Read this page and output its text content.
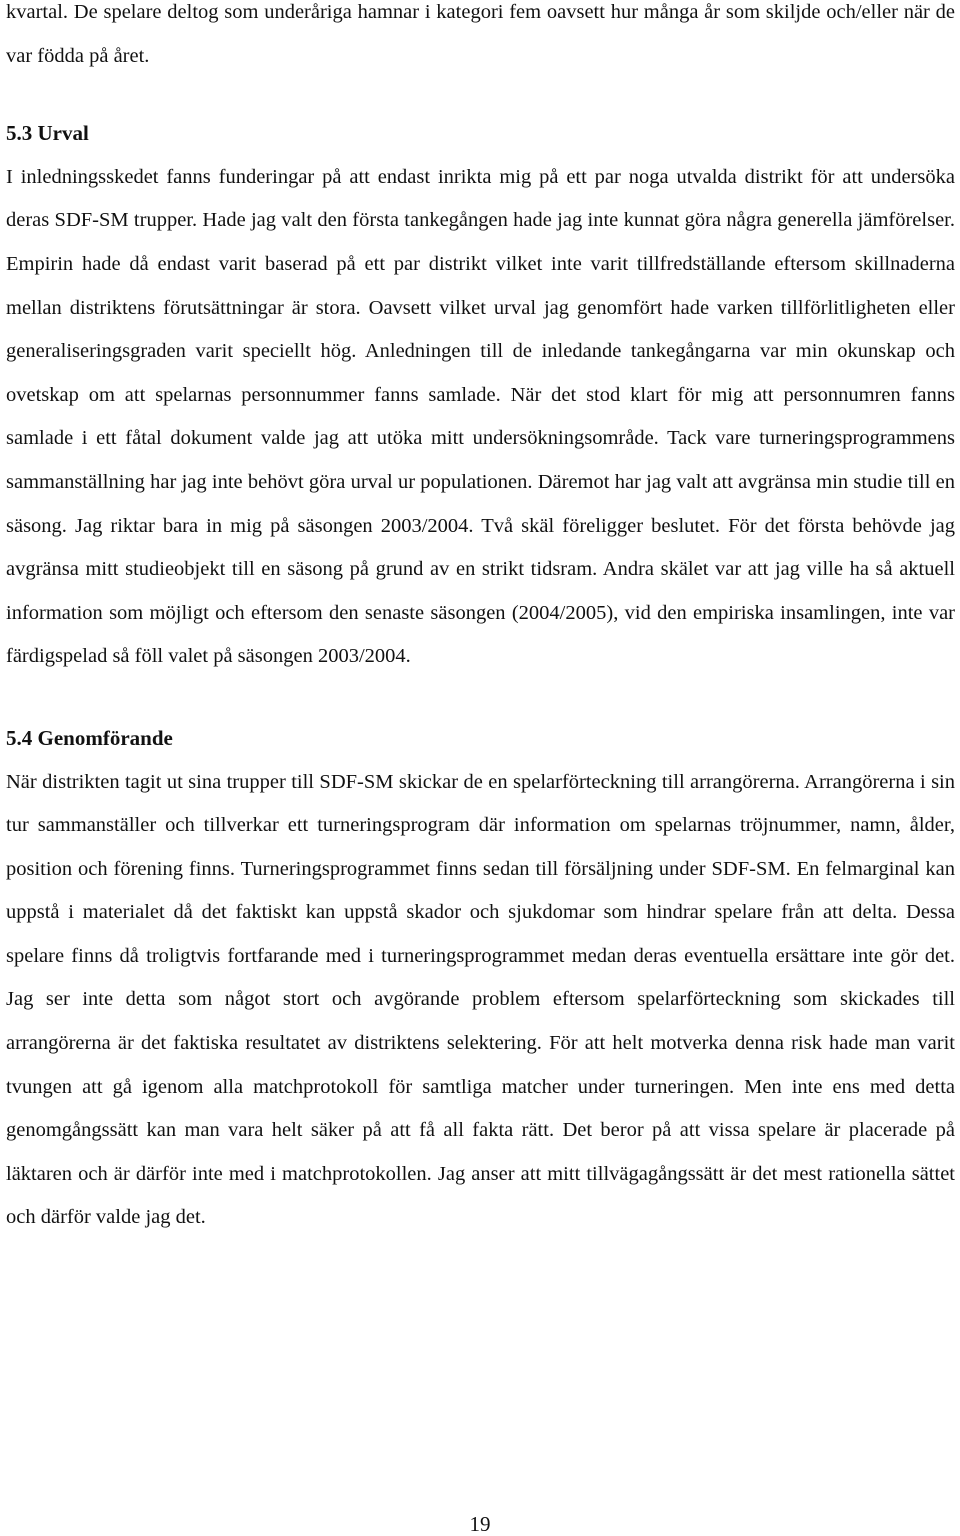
kvartal. De spelare deltog som underåriga hamnar i kategori fem oavsett hur många år som skiljde och/eller när de var födda på året.

5.3 Urval

I inledningsskedet fanns funderingar på att endast inrikta mig på ett par noga utvalda distrikt för att undersöka deras SDF-SM trupper. Hade jag valt den första tankegången hade jag inte kunnat göra några generella jämförelser. Empirin hade då endast varit baserad på ett par distrikt vilket inte varit tillfredställande eftersom skillnaderna mellan distriktens förutsättningar är stora. Oavsett vilket urval jag genomfört hade varken tillförlitligheten eller generaliseringsgraden varit speciellt hög. Anledningen till de inledande tankegångarna var min okunskap och ovetskap om att spelarnas personnummer fanns samlade. När det stod klart för mig att personnumren fanns samlade i ett fåtal dokument valde jag att utöka mitt undersökningsområde. Tack vare turneringsprogrammens sammanställning har jag inte behövt göra urval ur populationen. Däremot har jag valt att avgränsa min studie till en säsong. Jag riktar bara in mig på säsongen 2003/2004. Två skäl föreligger beslutet. För det första behövde jag avgränsa mitt studieobjekt till en säsong på grund av en strikt tidsram. Andra skälet var att jag ville ha så aktuell information som möjligt och eftersom den senaste säsongen (2004/2005), vid den empiriska insamlingen, inte var färdigspelad så föll valet på säsongen 2003/2004.

5.4 Genomförande

När distrikten tagit ut sina trupper till SDF-SM skickar de en spelarförteckning till arrangörerna. Arrangörerna i sin tur sammanställer och tillverkar ett turneringsprogram där information om spelarnas tröjnummer, namn, ålder, position och förening finns. Turneringsprogrammet finns sedan till försäljning under SDF-SM. En felmarginal kan uppstå i materialet då det faktiskt kan uppstå skador och sjukdomar som hindrar spelare från att delta. Dessa spelare finns då troligtvis fortfarande med i turneringsprogrammet medan deras eventuella ersättare inte gör det. Jag ser inte detta som något stort och avgörande problem eftersom spelarförteckning som skickades till arrangörerna är det faktiska resultatet av distriktens selektering. För att helt motverka denna risk hade man varit tvungen att gå igenom alla matchprotokoll för samtliga matcher under turneringen. Men inte ens med detta genomgångssätt kan man vara helt säker på att få all fakta rätt. Det beror på att vissa spelare är placerade på läktaren och är därför inte med i matchprotokollen. Jag anser att mitt tillvägagångssätt är det mest rationella sättet och därför valde jag det.

19
